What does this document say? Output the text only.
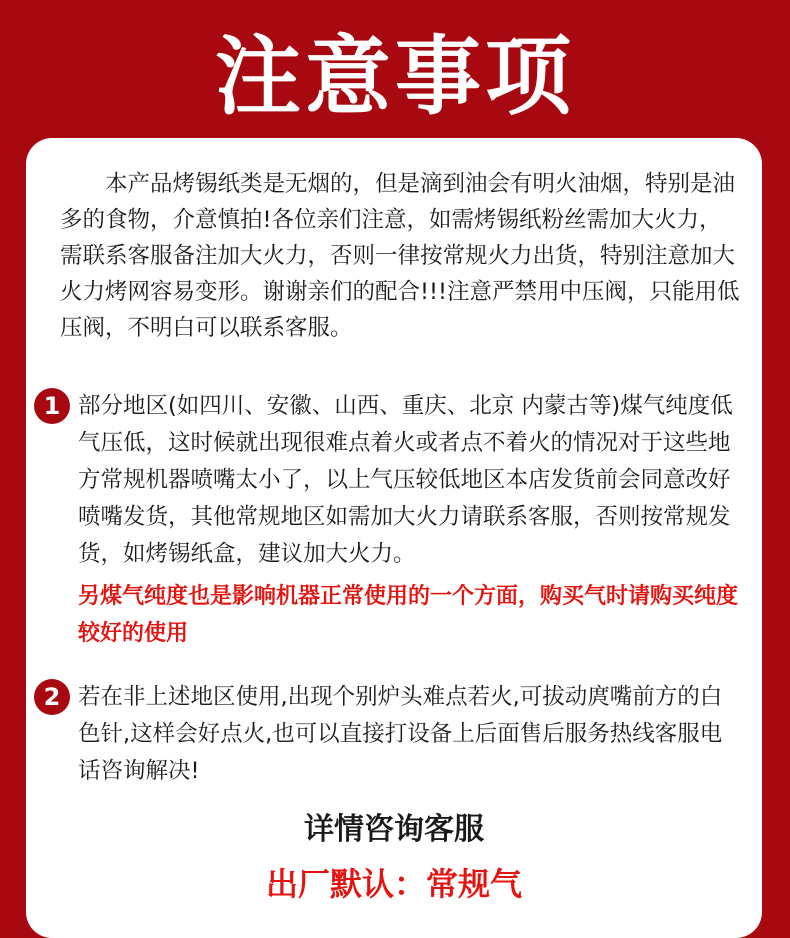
注意事项

本产品烤锡纸类是无烟的，但是滴到油会有明火油烟，特别是油多的食物，介意慎拍!各位亲们注意，如需烤锡纸粉丝需加大火力，需联系客服备注加大火力，否则一律按常规火力出货，特别注意加大火力烤网容易变形。谢谢亲们的配合!!!注意严禁用中压阀，只能用低压阀，不明白可以联系客服。

1 部分地区(如四川、安徽、山西、重庆、北京 内蒙古等)煤气纯度低气压低，这时候就出现很难点着火或者点不着火的情况对于这些地方常规机器喷嘴太小了，以上气压较低地区本店发货前会同意改好喷嘴发货，其他常规地区如需加大火力请联系客服，否则按常规发货，如烤锡纸盒，建议加大火力。

另煤气纯度也是影响机器正常使用的一个方面，购买气时请购买纯度较好的使用

2 若在非上述地区使用,出现个别炉头难点若火,可拔动庹嘴前方的白色针,这样会好点火,也可以直接打设备上后面售后服务热线客服电话咨询解决!

详情咨询客服
出厂默认：常规气
